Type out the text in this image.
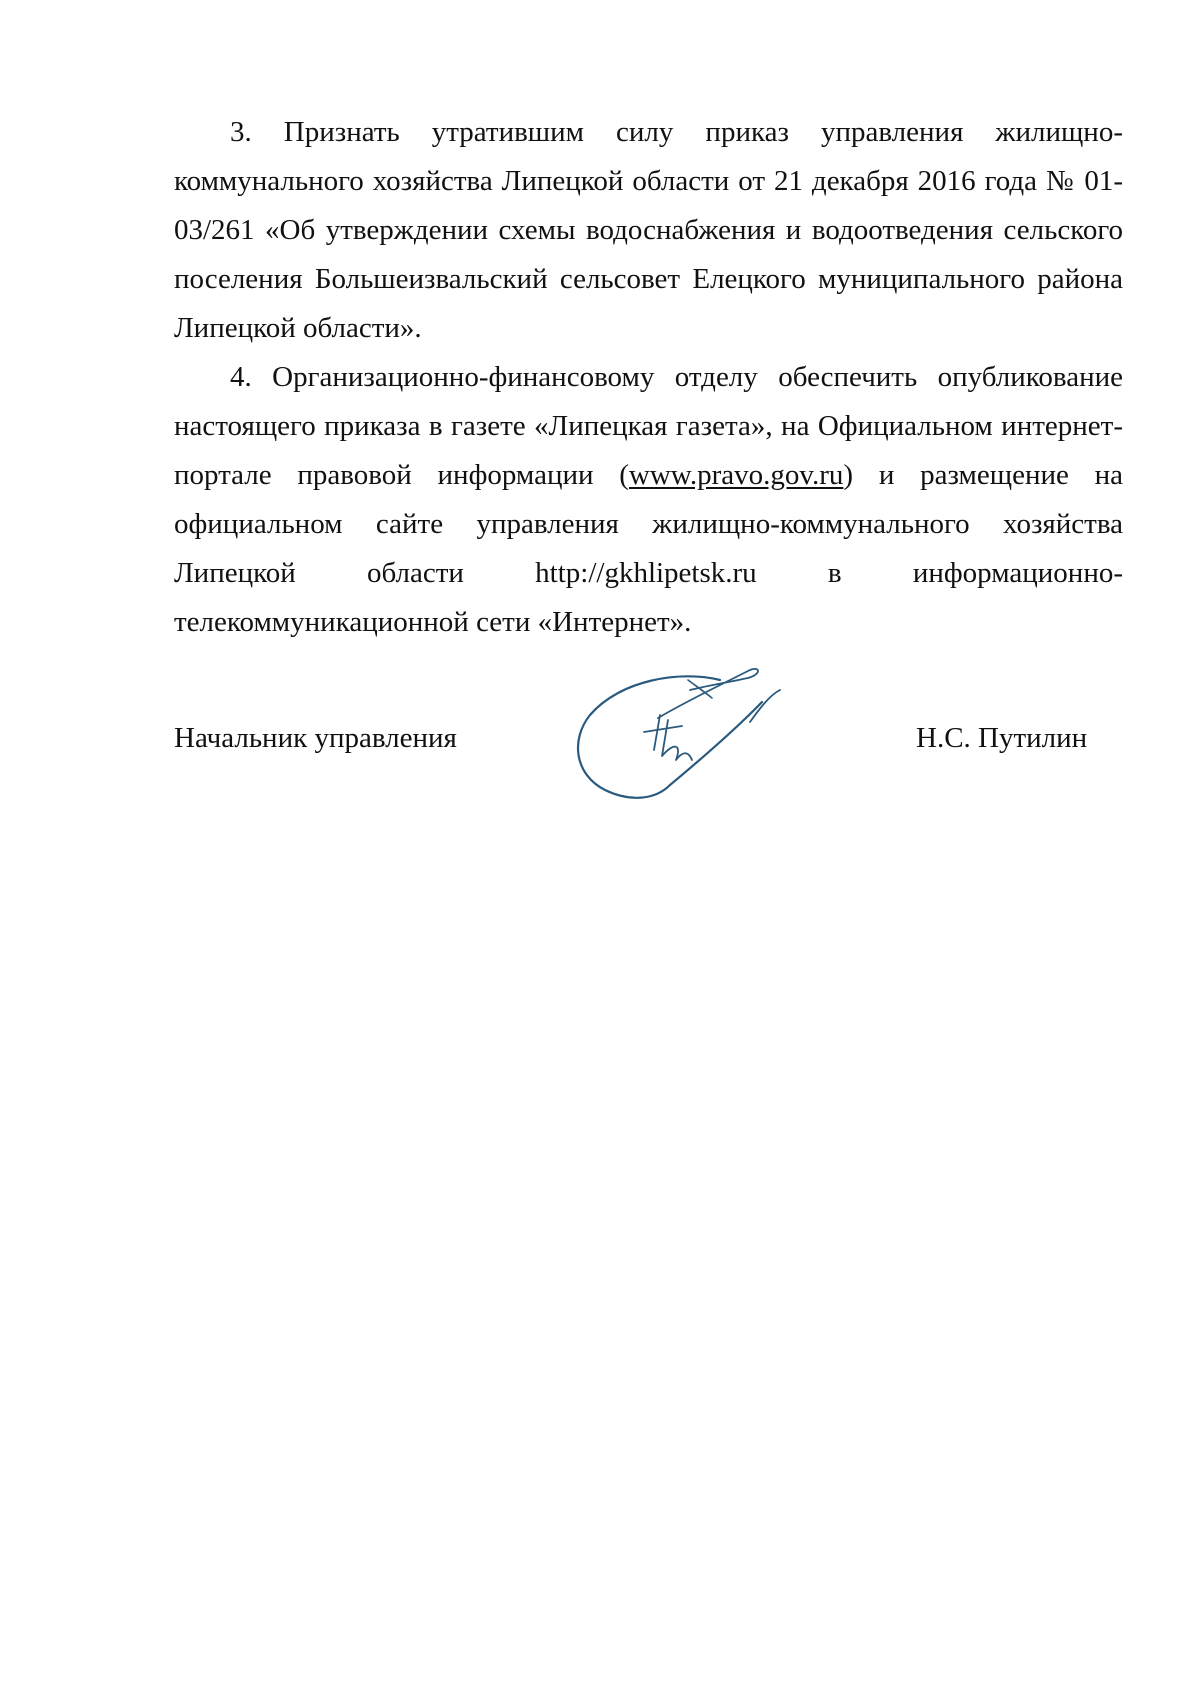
3. Признать утратившим силу приказ управления жилищно-коммунального хозяйства Липецкой области от 21 декабря 2016 года № 01-03/261 «Об утверждении схемы водоснабжения и водоотведения сельского поселения Большеизвальский сельсовет Елецкого муниципального района Липецкой области».

4. Организационно-финансовому отделу обеспечить опубликование настоящего приказа в газете «Липецкая газета», на Официальном интернет-портале правовой информации (www.pravo.gov.ru) и размещение на официальном сайте управления жилищно-коммунального хозяйства Липецкой области http://gkhlipetsk.ru в информационно-телекоммуникационной сети «Интернет».

Начальник управления	Н.С. Путилин
